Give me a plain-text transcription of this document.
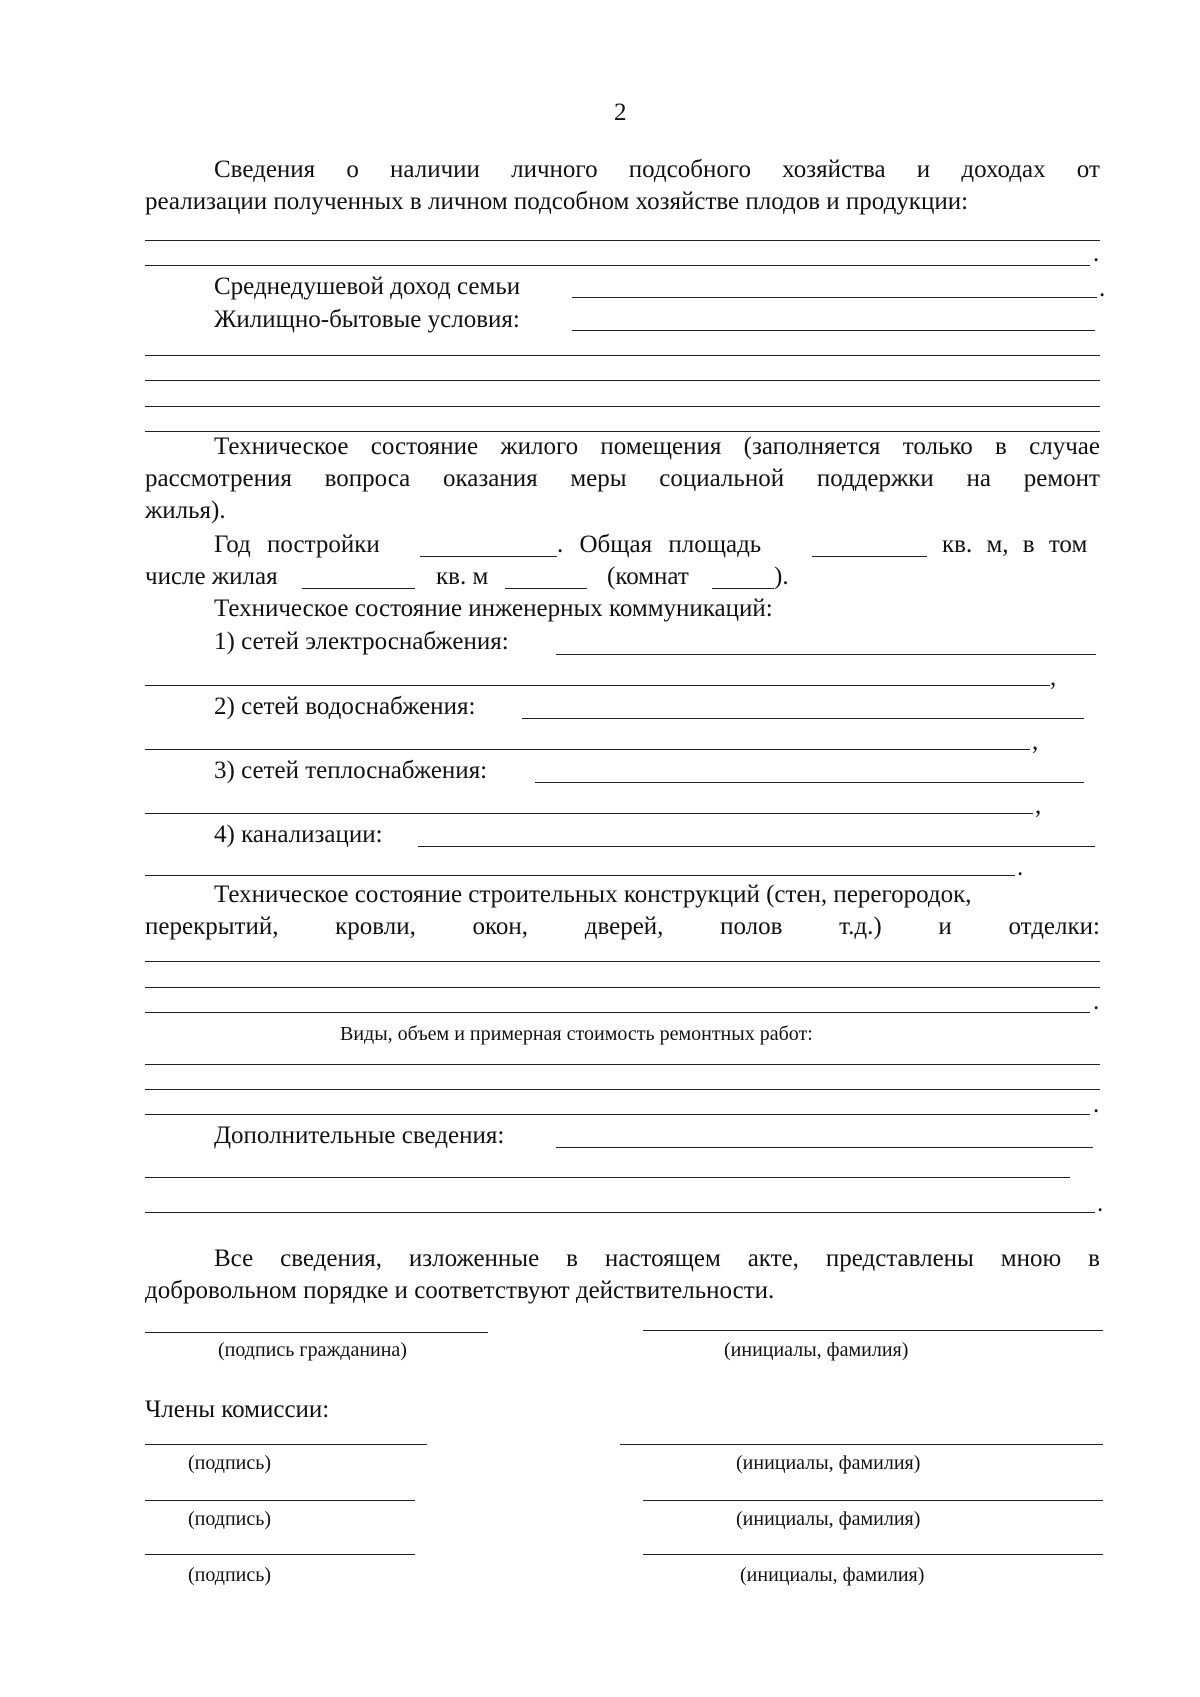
2
Сведения о наличии личного подсобного хозяйства и доходах от
реализации полученных в личном подсобном хозяйстве плодов и продукции:
.
Среднедушевой доход семьи	.
Жилищно-бытовые условия:
Техническое состояние жилого помещения (заполняется только в случае
рассмотрения вопроса оказания меры социальной поддержки на ремонт
жилья).
Год постройки	. Общая площадь	кв. м, в том
числе жилая	кв. м	(комнат	).
Техническое состояние инженерных коммуникаций:
1) сетей электроснабжения:
,
2) сетей водоснабжения:
,
3) сетей теплоснабжения:
,
4) канализации:
.
Техническое состояние строительных конструкций (стен, перегородок,
перекрытий, кровли, окон, дверей, полов т.д.) и отделки:
.
Виды, объем и примерная стоимость ремонтных работ:
.
Дополнительные сведения:
.
Все сведения, изложенные в настоящем акте, представлены мною в
добровольном порядке и соответствуют действительности.
(подпись гражданина)	(инициалы, фамилия)
Члены комиссии:
(подпись)	(инициалы, фамилия)
(подпись)	(инициалы, фамилия)
(подпись)	(инициалы, фамилия)
